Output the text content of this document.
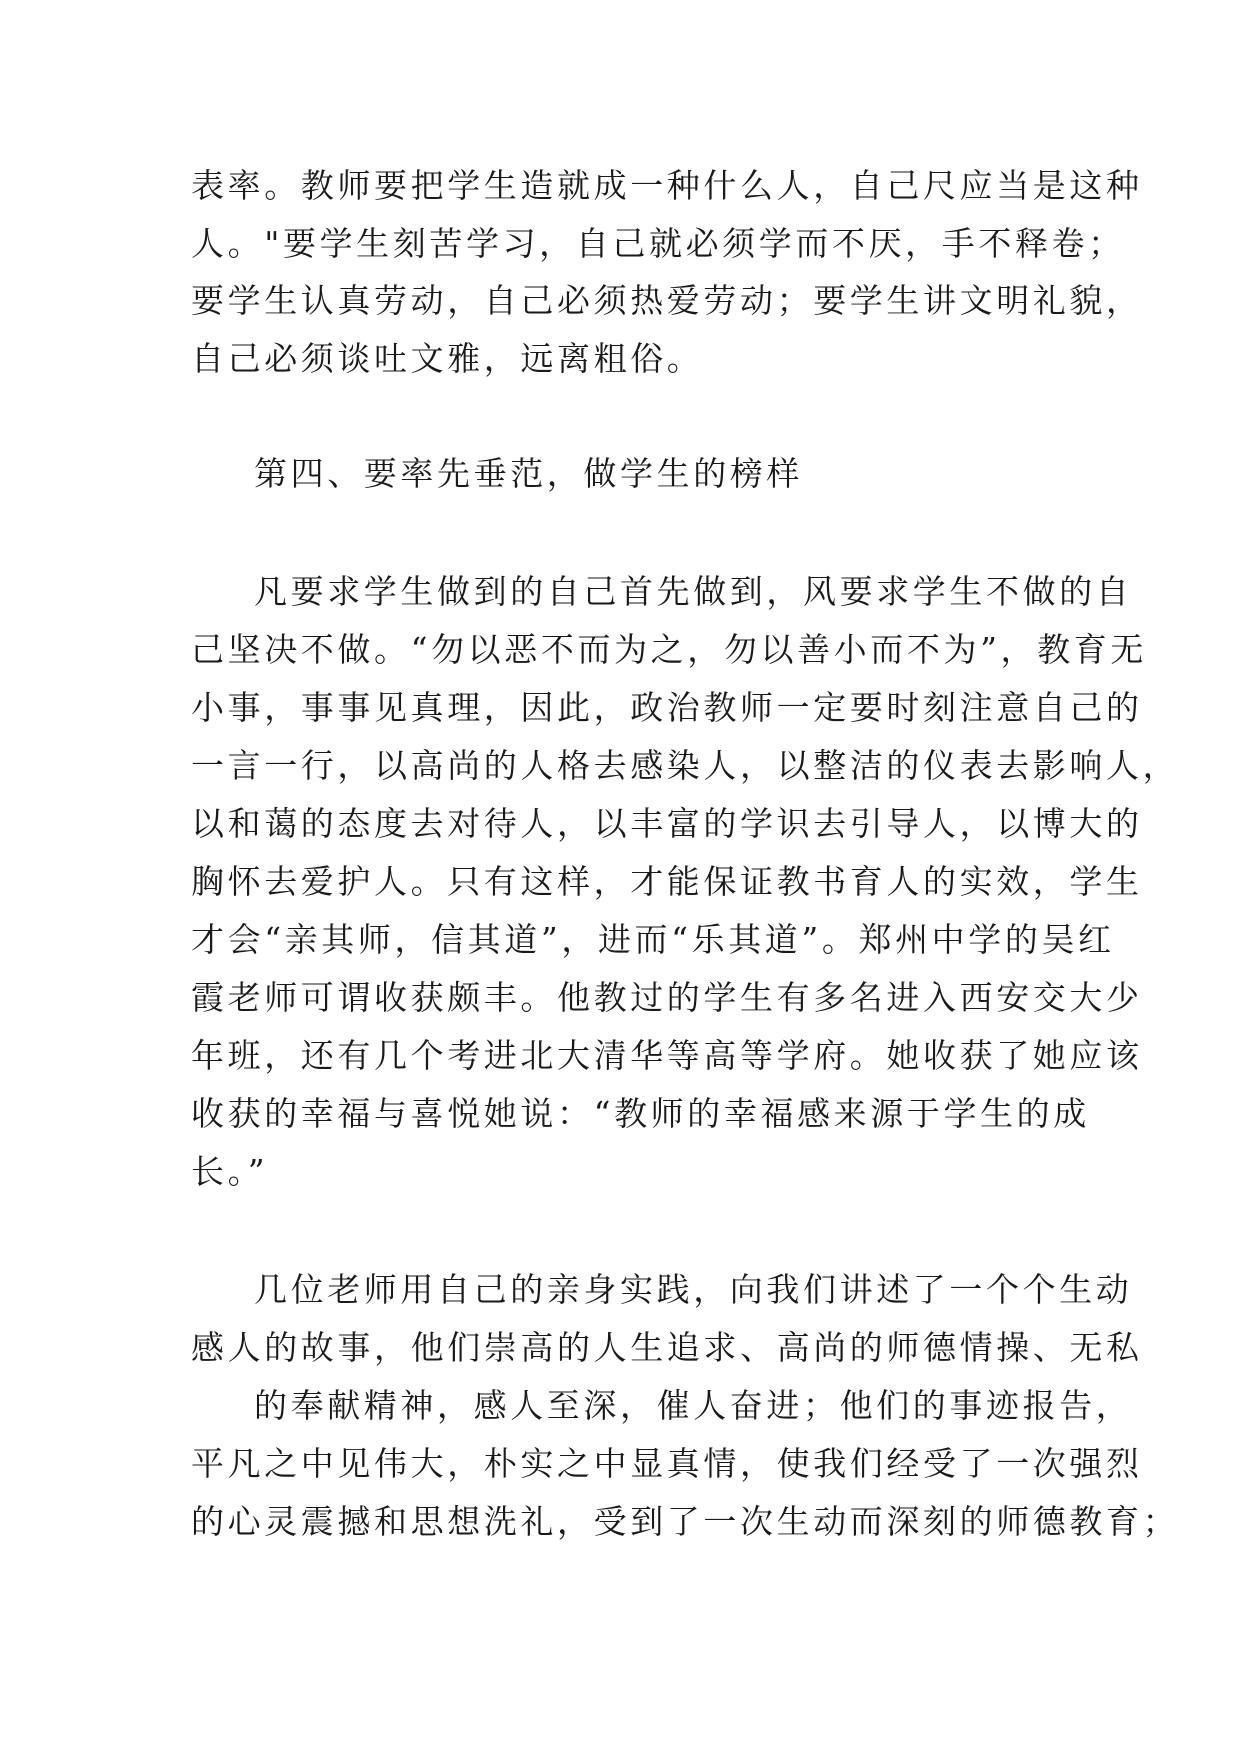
表率。教师要把学生造就成一种什么人，自己尺应当是这种
人。"要学生刻苦学习，自己就必须学而不厌，手不释卷；
要学生认真劳动，自己必须热爱劳动；要学生讲文明礼貌，
自己必须谈吐文雅，远离粗俗。
第四、要率先垂范，做学生的榜样
凡要求学生做到的自己首先做到，风要求学生不做的自
己坚决不做。“勿以恶不而为之，勿以善小而不为”，教育无
小事，事事见真理，因此，政治教师一定要时刻注意自己的
一言一行，以高尚的人格去感染人，以整洁的仪表去影响人，
以和蔼的态度去对待人，以丰富的学识去引导人，以博大的
胸怀去爱护人。只有这样，才能保证教书育人的实效，学生
才会“亲其师，信其道”，进而“乐其道”。郑州中学的吴红
霞老师可谓收获颇丰。他教过的学生有多名进入西安交大少
年班，还有几个考进北大清华等高等学府。她收获了她应该
收获的幸福与喜悦她说：“教师的幸福感来源于学生的成
长。”
几位老师用自己的亲身实践，向我们讲述了一个个生动
感人的故事，他们崇高的人生追求、高尚的师德情操、无私
的奉献精神，感人至深，催人奋进；他们的事迹报告，
平凡之中见伟大，朴实之中显真情，使我们经受了一次强烈
的心灵震撼和思想洗礼，受到了一次生动而深刻的师德教育；
